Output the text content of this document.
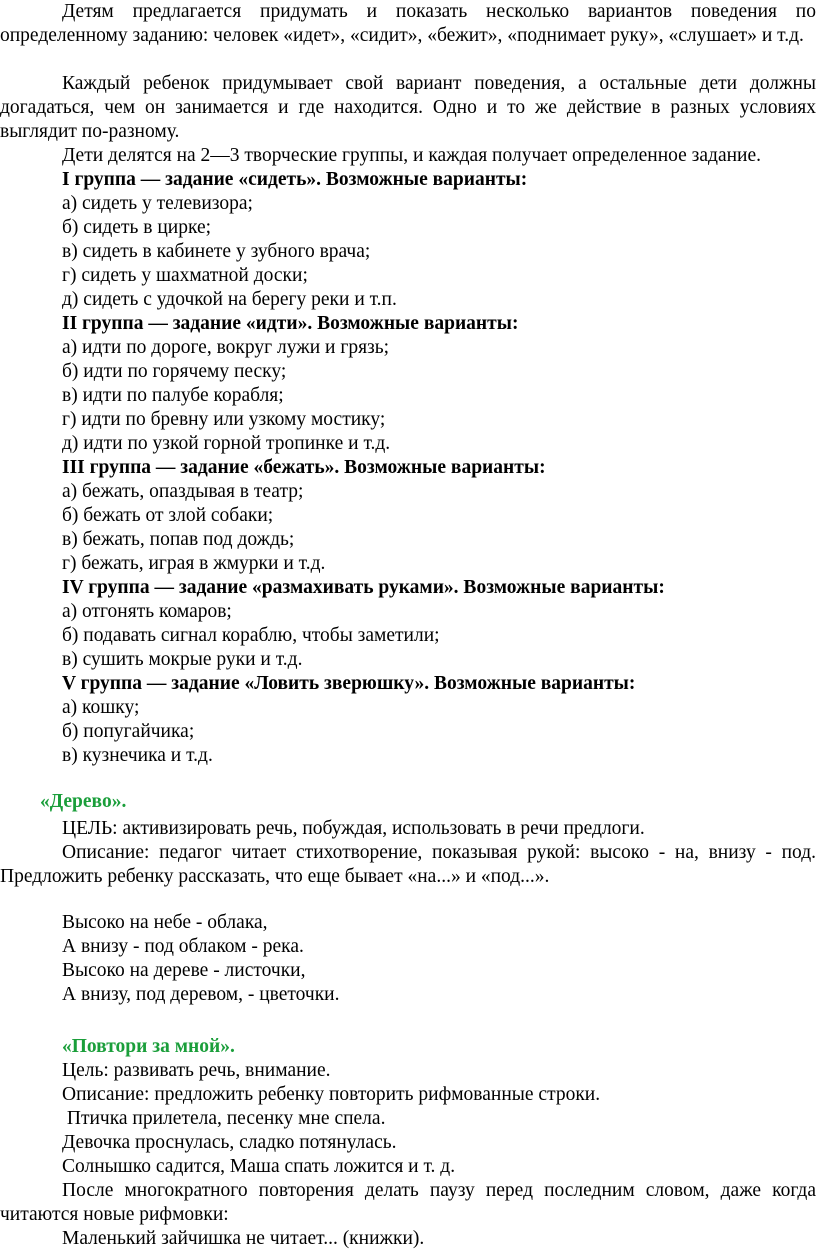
Детям предлагается придумать и показать несколько вариантов поведения по определенному заданию: человек «идет», «сидит», «бежит», «поднимает руку», «слушает» и т.д.

Каждый ребенок придумывает свой вариант поведения, а остальные дети должны догадаться, чем он занимается и где находится. Одно и то же действие в разных условиях выглядит по-разному.

Дети делятся на 2—3 творческие группы, и каждая получает определенное задание.

I группа — задание «сидеть». Возможные варианты:

а) сидеть у телевизора;

б) сидеть в цирке;

в) сидеть в кабинете у зубного врача;

г) сидеть у шахматной доски;

д) сидеть с удочкой на берегу реки и т.п.

II группа — задание «идти». Возможные варианты:

а) идти по дороге, вокруг лужи и грязь;

б) идти по горячему песку;

в) идти по палубе корабля;

г) идти по бревну или узкому мостику;

д) идти по узкой горной тропинке и т.д.

III группа — задание «бежать». Возможные варианты:

а) бежать, опаздывая в театр;

б) бежать от злой собаки;

в) бежать, попав под дождь;

г) бежать, играя в жмурки и т.д.

IV группа — задание «размахивать руками». Возможные варианты:

а) отгонять комаров;

б) подавать сигнал кораблю, чтобы заметили;

в) сушить мокрые руки и т.д.

V группа — задание «Ловить зверюшку». Возможные варианты:

а) кошку;

б) попугайчика;

в) кузнечика и т.д.

«Дерево».

ЦЕЛЬ: активизировать речь, побуждая, использовать в речи предлоги.

Описание: педагог читает стихотворение, показывая рукой: высоко - на, внизу - под. Предложить ребенку рассказать, что еще бывает «на...» и «под...».

Высоко на небе - облака,

А внизу - под облаком - река.

Высоко на дереве - листочки,

А внизу, под деревом, - цветочки.

«Повтори за мной».

Цель: развивать речь, внимание.

Описание: предложить ребенку повторить рифмованные строки.

Птичка прилетела, песенку мне спела.

Девочка проснулась, сладко потянулась.

Солнышко садится, Маша спать ложится и т. д.

После многократного повторения делать паузу перед последним словом, даже когда читаются новые рифмовки:

Маленький зайчишка не читает... (книжки).
